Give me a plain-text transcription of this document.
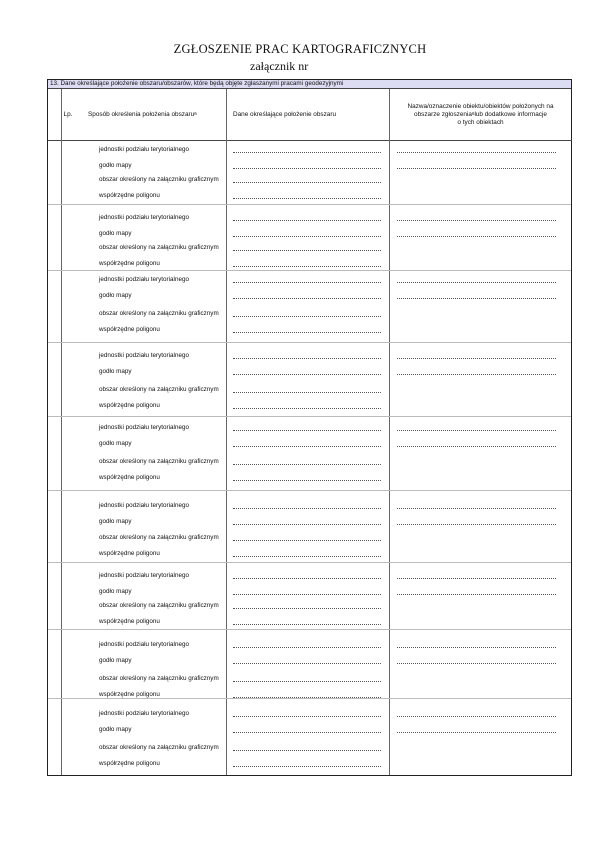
ZGŁOSZENIE PRAC KARTOGRAFICZNYCH
załącznik nr
13. Dane określające położenie obszaru/obszarów, które będą objęte zgłaszanymi pracami geodezyjnymi
Lp. Sposób określenia położenia obszaru$^6$	Dane określające położenie obszaru
Nazwa/oznaczenie obiektu/obiektów położonych na
obszarze zgłoszenia$^6$lub dodatkowe informacje
o tych obiektach
jednostki podziału terytorialnego
godło mapy
obszar określony na załączniku graficznym
współrzędne poligonu
jednostki podziału terytorialnego
godło mapy
obszar określony na załączniku graficznym
współrzędne poligonu
jednostki podziału terytorialnego
godło mapy
obszar określony na załączniku graficznym
współrzędne poligonu
jednostki podziału terytorialnego
godło mapy
obszar określony na załączniku graficznym
współrzędne poligonu
jednostki podziału terytorialnego
godło mapy
obszar określony na załączniku graficznym
współrzędne poligonu
jednostki podziału terytorialnego
godło mapy
obszar określony na załączniku graficznym
współrzędne poligonu
jednostki podziału terytorialnego
godło mapy
obszar określony na załączniku graficznym
współrzędne poligonu
jednostki podziału terytorialnego
godło mapy
obszar określony na załączniku graficznym
współrzędne poligonu
jednostki podziału terytorialnego
godło mapy
obszar określony na załączniku graficznym
współrzędne poligonu
